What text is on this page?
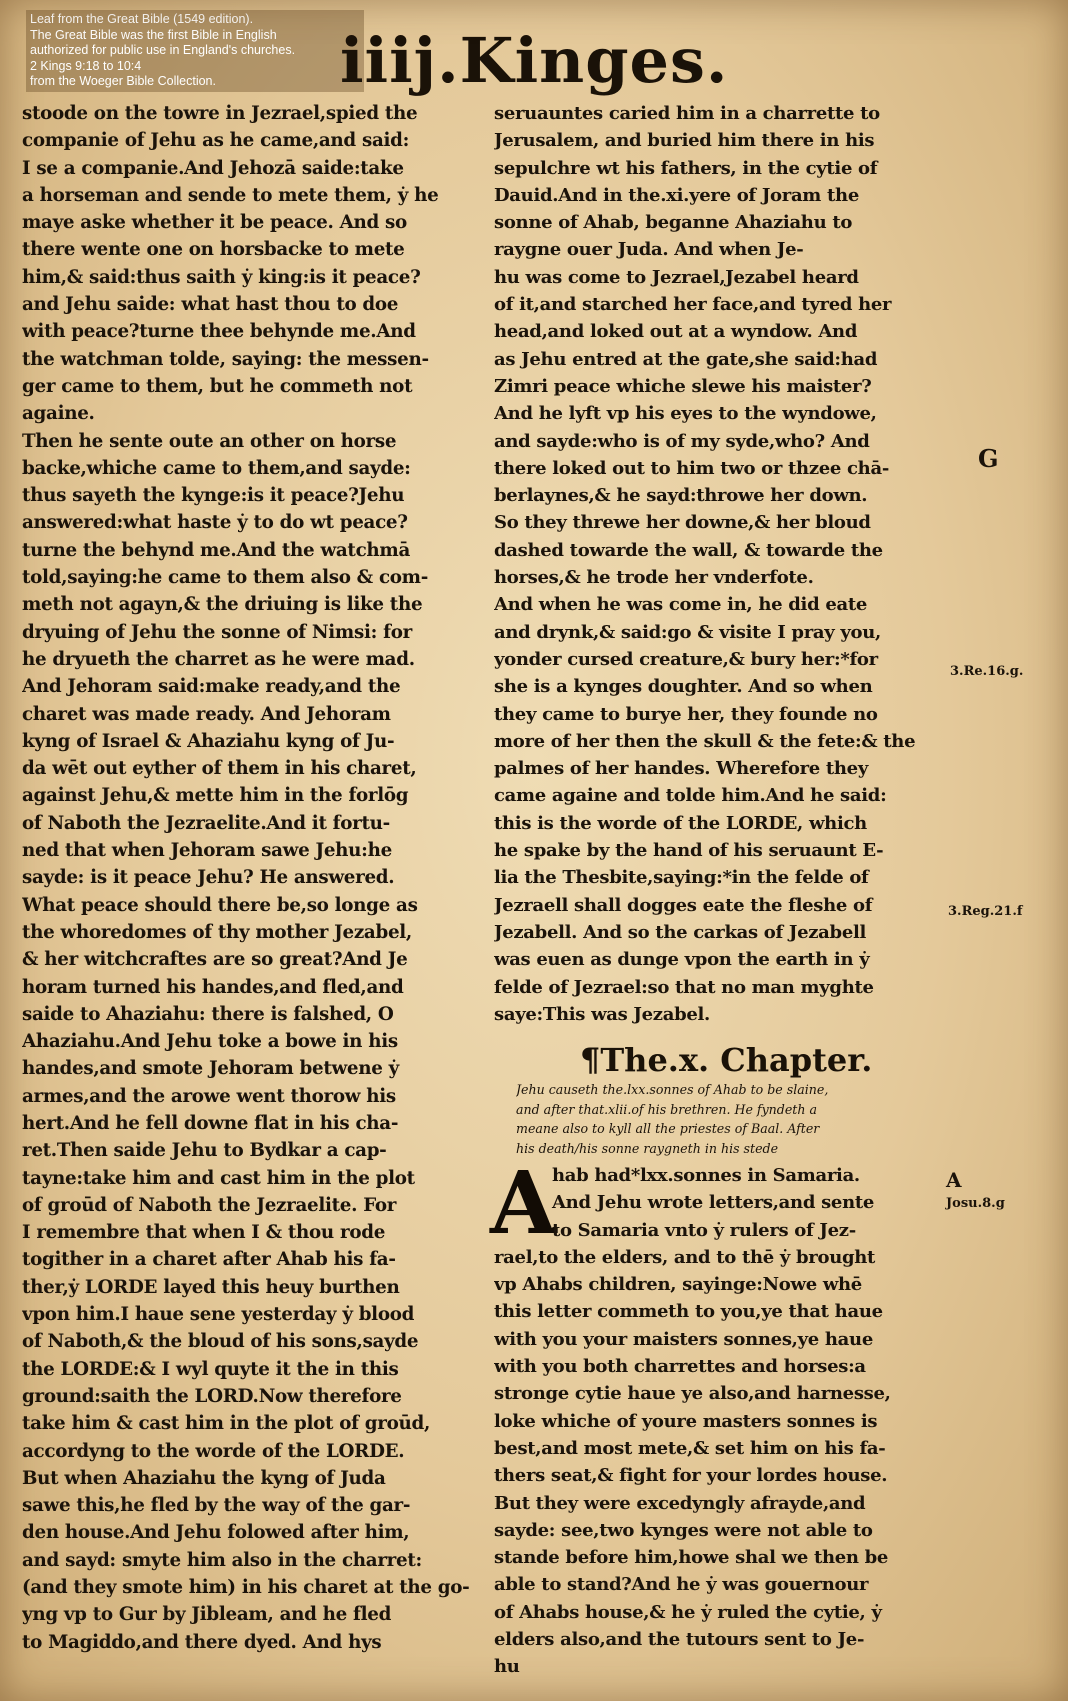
Leaf from the Great Bible (1549 edition).
The Great Bible was the first Bible in English
authorized for public use in England's churches.
2 Kings 9:18 to 10:4
from the Woeger Bible Collection.	iiij.Kinges.
stoode on the towre in Jezrael,spied the
companie of Jehu as he came,and said:
I se a companie.And Jehozā saide:take
a horseman and sende to mete them, ẏ he
maye aske whether it be peace. And so
there wente one on horsbacke to mete
him,& said:thus saith ẏ king:is it peace?
and Jehu saide: what hast thou to doe
with peace?turne thee behynde me.And
the watchman tolde, saying: the messen-
ger came to them, but he commeth not
againe.
Then he sente oute an other on horse
backe,whiche came to them,and sayde:
thus sayeth the kynge:is it peace?Jehu
answered:what haste ẏ to do wt peace?
turne the behynd me.And the watchmā
told,saying:he came to them also & com-
meth not agayn,& the driuing is like the
dryuing of Jehu the sonne of Nimsi: for
he dryueth the charret as he were mad.
And Jehoram said:make ready,and the
charet was made ready. And Jehoram
kyng of Israel & Ahaziahu kyng of Ju-
da wēt out eyther of them in his charet,
against Jehu,& mette him in the forlōg
of Naboth the Jezraelite.And it fortu-
ned that when Jehoram sawe Jehu:he
sayde: is it peace Jehu? He answered.
What peace should there be,so longe as
the whoredomes of thy mother Jezabel,
& her witchcraftes are so great?And Je
horam turned his handes,and fled,and
saide to Ahaziahu: there is falshed, O
Ahaziahu.And Jehu toke a bowe in his
handes,and smote Jehoram betwene ẏ
armes,and the arowe went thorow his
hert.And he fell downe flat in his cha-
ret.Then saide Jehu to Bydkar a cap-
tayne:take him and cast him in the plot
of groūd of Naboth the Jezraelite. For
I remembre that when I & thou rode
togither in a charet after Ahab his fa-
ther,ẏ LORDE layed this heuy burthen
vpon him.I haue sene yesterday ẏ blood
of Naboth,& the bloud of his sons,sayde
the LORDE:& I wyl quyte it the in this
ground:saith the LORD.Now therefore
take him & cast him in the plot of groūd,
accordyng to the worde of the LORDE.
But when Ahaziahu the kyng of Juda
sawe this,he fled by the way of the gar-
den house.And Jehu folowed after him,
and sayd: smyte him also in the charret:
(and they smote him) in his charet at the go-
yng vp to Gur by Jibleam, and he fled
to Magiddo,and there dyed. And hys
seruauntes caried him in a charrette to
Jerusalem, and buried him there in his
sepulchre wt his fathers, in the cytie of
Dauid.And in the.xi.yere of Joram the
sonne of Ahab, beganne Ahaziahu to
raygne ouer Juda. And when Je-
hu was come to Jezrael,Jezabel heard
of it,and starched her face,and tyred her
head,and loked out at a wyndow. And
as Jehu entred at the gate,she said:had
Zimri peace whiche slewe his maister?
And he lyft vp his eyes to the wyndowe,
and sayde:who is of my syde,who? And
there loked out to him two or thzee chā-
berlaynes,& he sayd:throwe her down.
So they threwe her downe,& her bloud
dashed towarde the wall, & towarde the
horses,& he trode her vnderfote.
And when he was come in, he did eate
and drynk,& said:go & visite I pray you,
yonder cursed creature,& bury her:*for
she is a kynges doughter. And so when
they came to burye her, they founde no
more of her then the skull & the fete:& the
palmes of her handes. Wherefore they
came againe and tolde him.And he said:
this is the worde of the LORDE, which
he spake by the hand of his seruaunt E-
lia the Thesbite,saying:*in the felde of
Jezraell shall dogges eate the fleshe of
Jezabell. And so the carkas of Jezabell
was euen as dunge vpon the earth in ẏ
felde of Jezrael:so that no man myghte
saye:This was Jezabel.
¶The.x. Chapter.
Jehu causeth the.lxx.sonnes of Ahab to be slaine,
and after that.xlii.of his brethren. He fyndeth a
meane also to kyll all the priestes of Baal. After
his death/his sonne raygneth in his stede
A
hab had*lxx.sonnes in Samaria.
And Jehu wrote letters,and sente
to Samaria vnto ẏ rulers of Jez-
rael,to the elders, and to thē ẏ brought
vp Ahabs children, sayinge:Nowe whē
this letter commeth to you,ye that haue
with you your maisters sonnes,ye haue
with you both charrettes and horses:a
stronge cytie haue ye also,and harnesse,
loke whiche of youre masters sonnes is
best,and most mete,& set him on his fa-
thers seat,& fight for your lordes house.
But they were excedyngly afrayde,and
sayde: see,two kynges were not able to
stande before him,howe shal we then be
able to stand?And he ẏ was gouernour
of Ahabs house,& he ẏ ruled the cytie, ẏ
elders also,and the tutours sent to Je-
hu
G
3.Re.16.g.
3.Reg.21.f
A
Josu.8.g
